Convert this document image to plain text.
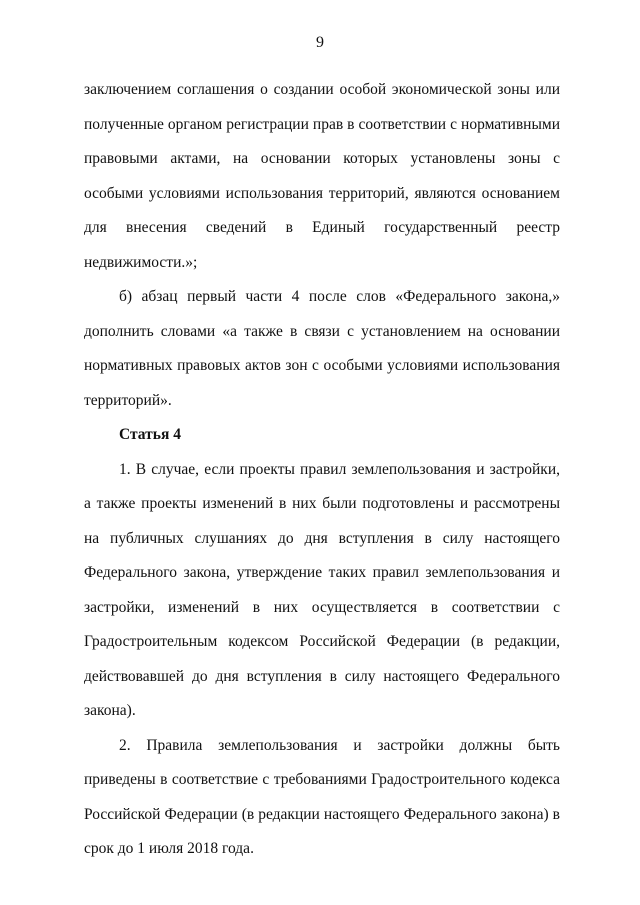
9

заключением соглашения о создании особой экономической зоны или полученные органом регистрации прав в соответствии с нормативными правовыми актами, на основании которых установлены зоны с особыми условиями использования территорий, являются основанием для внесения сведений в Единый государственный реестр недвижимости.»;

б) абзац первый части 4 после слов «Федерального закона,» дополнить словами «а также в связи с установлением на основании нормативных правовых актов зон с особыми условиями использования территорий».

Статья 4

1. В случае, если проекты правил землепользования и застройки, а также проекты изменений в них были подготовлены и рассмотрены на публичных слушаниях до дня вступления в силу настоящего Федерального закона, утверждение таких правил землепользования и застройки, изменений в них осуществляется в соответствии с Градостроительным кодексом Российской Федерации (в редакции, действовавшей до дня вступления в силу настоящего Федерального закона).

2. Правила землепользования и застройки должны быть приведены в соответствие с требованиями Градостроительного кодекса Российской Федерации (в редакции настоящего Федерального закона) в срок до 1 июля 2018 года.
